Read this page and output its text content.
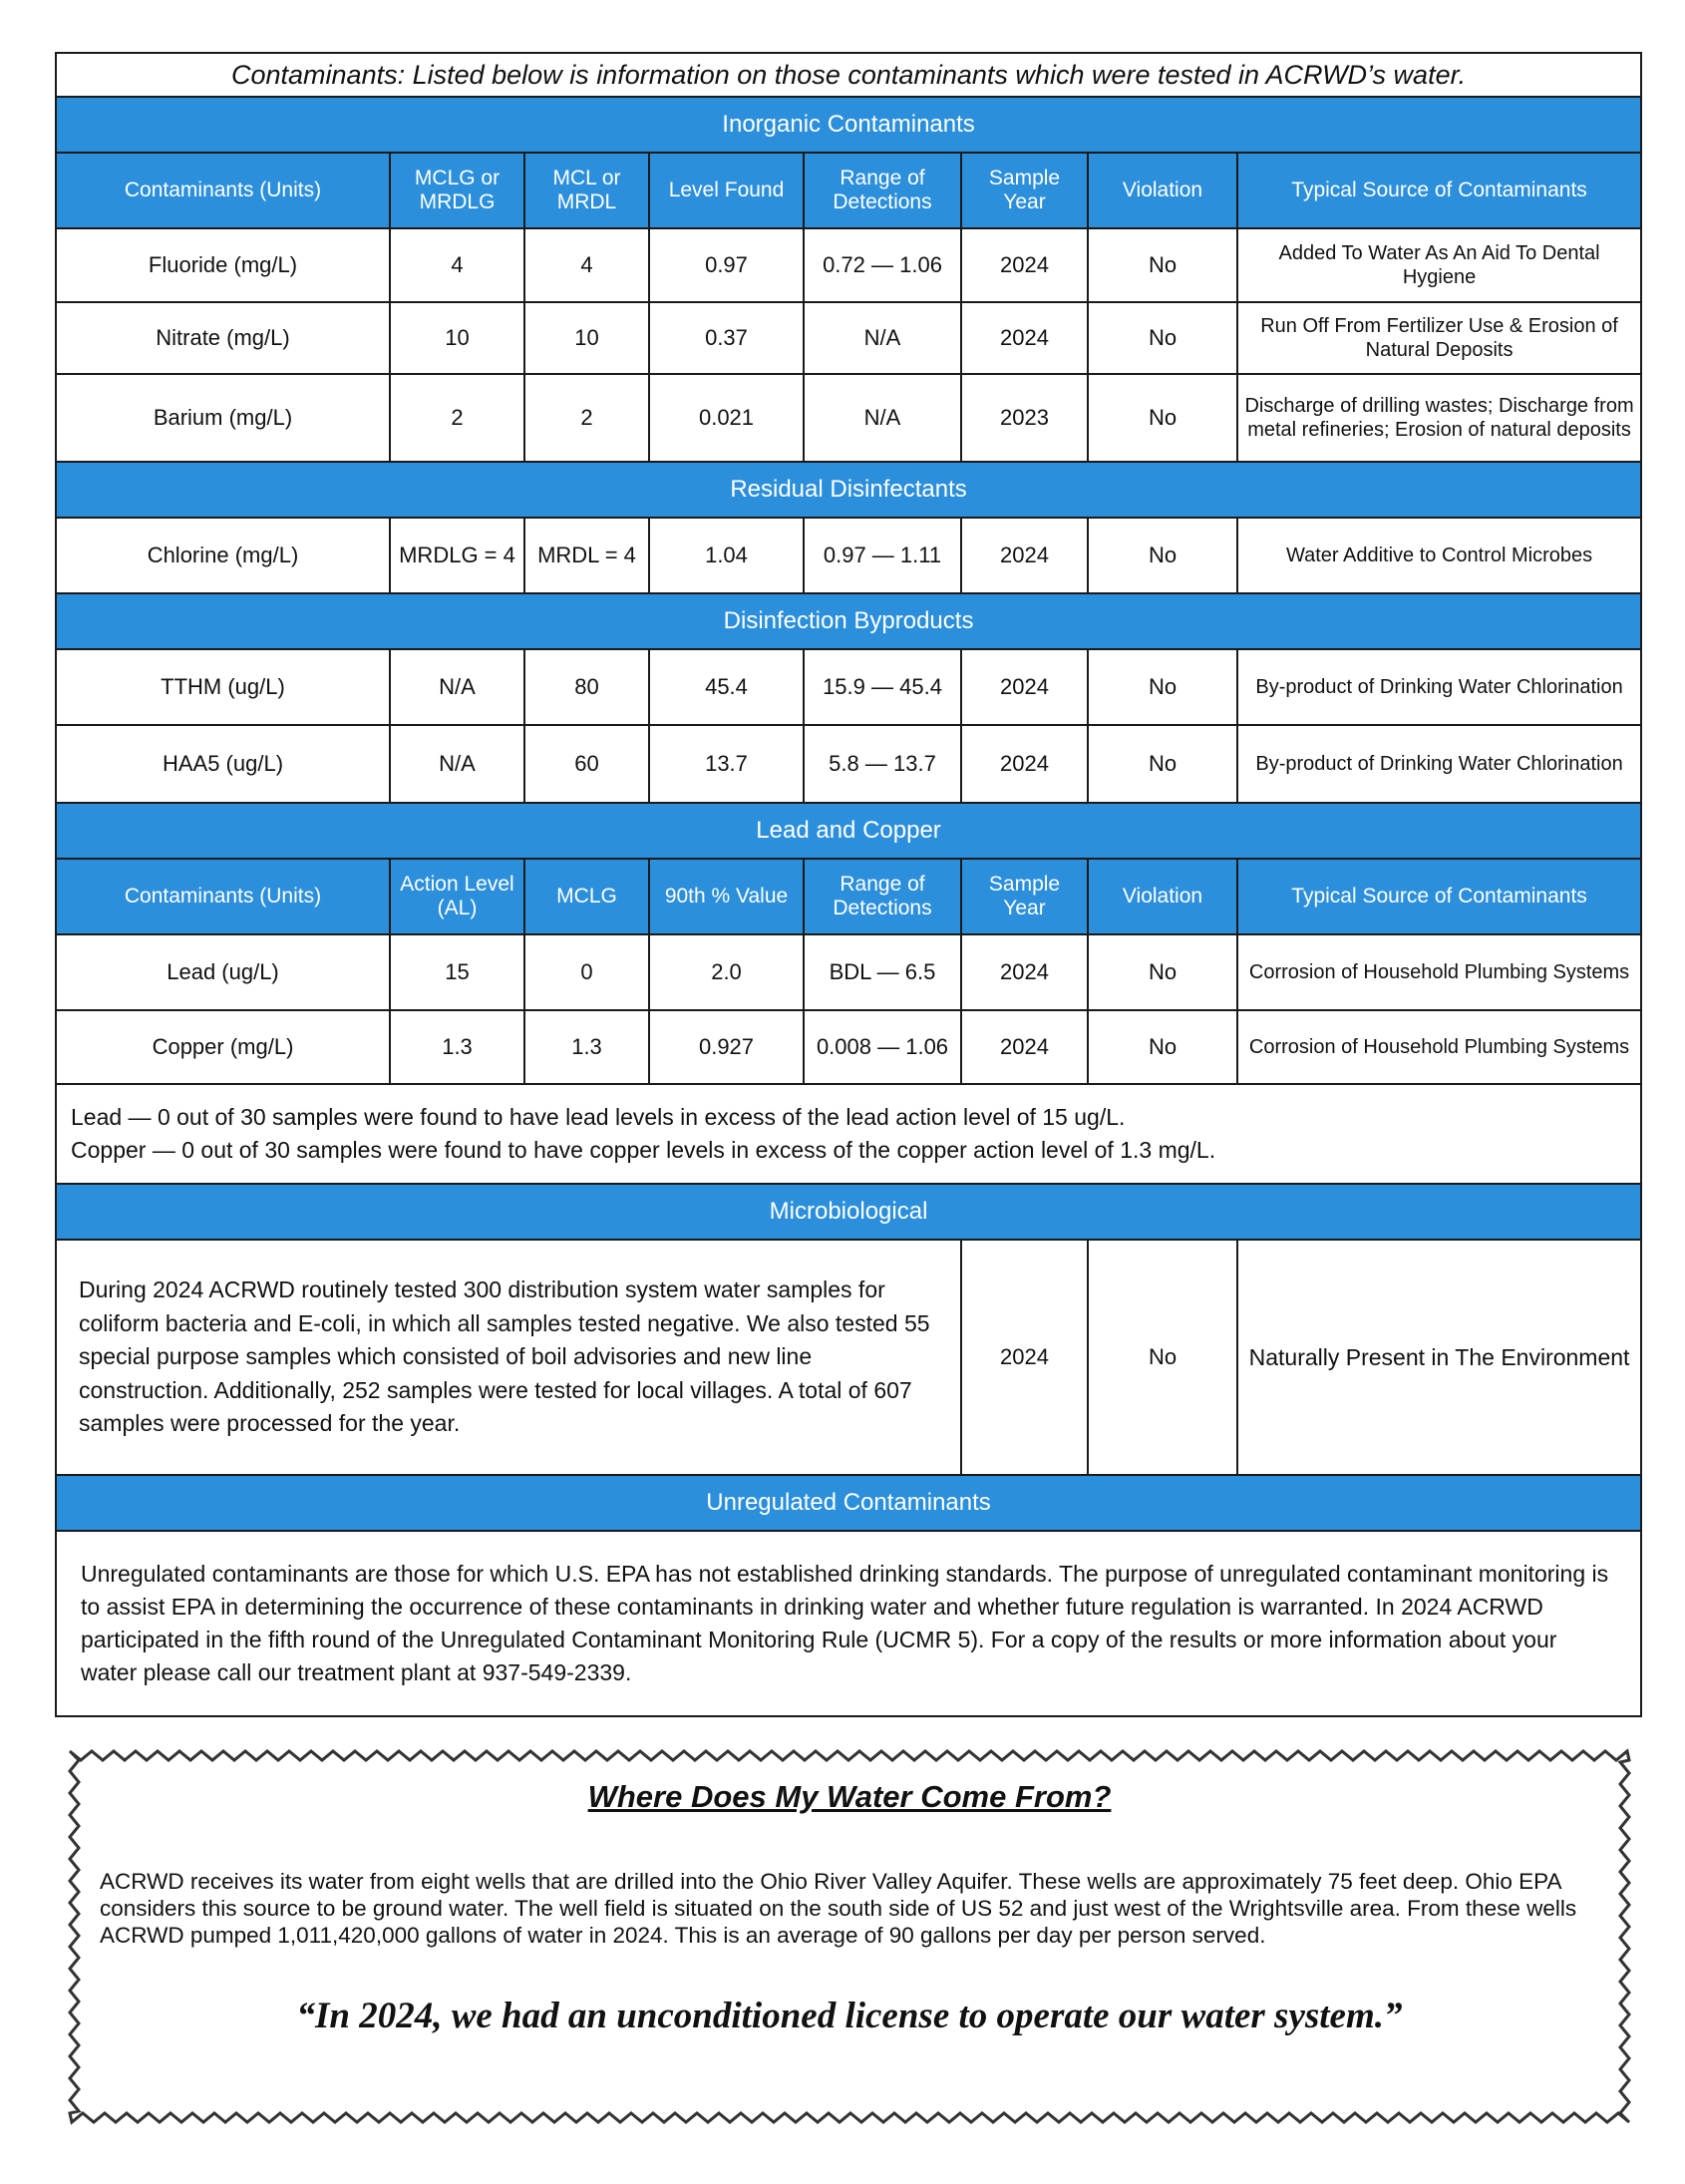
Contaminants: Listed below is information on those contaminants which were tested in ACRWD’s water.							
Inorganic Contaminants							
Contaminants (Units)	MCLG or MRDLG	MCL or MRDL	Level Found	Range of Detections	Sample Year	Violation	Typical Source of Contaminants
Fluoride (mg/L)	4	4	0.97	0.72 — 1.06	2024	No	Added To Water As An Aid To Dental Hygiene
Nitrate (mg/L)	10	10	0.37	N/A	2024	No	Run Off From Fertilizer Use & Erosion of Natural Deposits
Barium (mg/L)	2	2	0.021	N/A	2023	No	Discharge of drilling wastes; Discharge from metal refineries; Erosion of natural deposits
Residual Disinfectants							
Chlorine (mg/L)	MRDLG = 4	MRDL = 4	1.04	0.97 — 1.11	2024	No	Water Additive to Control Microbes
Disinfection Byproducts							
TTHM (ug/L)	N/A	80	45.4	15.9 — 45.4	2024	No	By-product of Drinking Water Chlorination
HAA5 (ug/L)	N/A	60	13.7	5.8 — 13.7	2024	No	By-product of Drinking Water Chlorination
Lead and Copper							
Contaminants (Units)	Action Level (AL)	MCLG	90th % Value	Range of Detections	Sample Year	Violation	Typical Source of Contaminants
Lead (ug/L)	15	0	2.0	BDL — 6.5	2024	No	Corrosion of Household Plumbing Systems
Copper (mg/L)	1.3	1.3	0.927	0.008 — 1.06	2024	No	Corrosion of Household Plumbing Systems

Lead — 0 out of 30 samples were found to have lead levels in excess of the lead action level of 15 ug/L.
Copper — 0 out of 30 samples were found to have copper levels in excess of the copper action level of 1.3 mg/L.							

Microbiological							
During 2024 ACRWD routinely tested 300 distribution system water samples for coliform bacteria and E-coli, in which all samples tested negative. We also tested 55 special purpose samples which consisted of boil advisories and new line construction. Additionally, 252 samples were tested for local villages. A total of 607 samples were processed for the year.					2024	No	Naturally Present in The Environment
Unregulated Contaminants							
Unregulated contaminants are those for which U.S. EPA has not established drinking standards. The purpose of unregulated contaminant monitoring is to assist EPA in determining the occurrence of these contaminants in drinking water and whether future regulation is warranted. In 2024 ACRWD participated in the fifth round of the Unregulated Contaminant Monitoring Rule (UCMR 5). For a copy of the results or more information about your water please call our treatment plant at 937-549-2339.							
Where Does My Water Come From?
ACRWD receives its water from eight wells that are drilled into the Ohio River Valley Aquifer. These wells are approximately 75 feet deep. Ohio EPA considers this source to be ground water. The well field is situated on the south side of US 52 and just west of the Wrightsville area. From these wells ACRWD pumped 1,011,420,000 gallons of water in 2024. This is an average of 90 gallons per day per person served.
“In 2024, we had an unconditioned license to operate our water system.”
